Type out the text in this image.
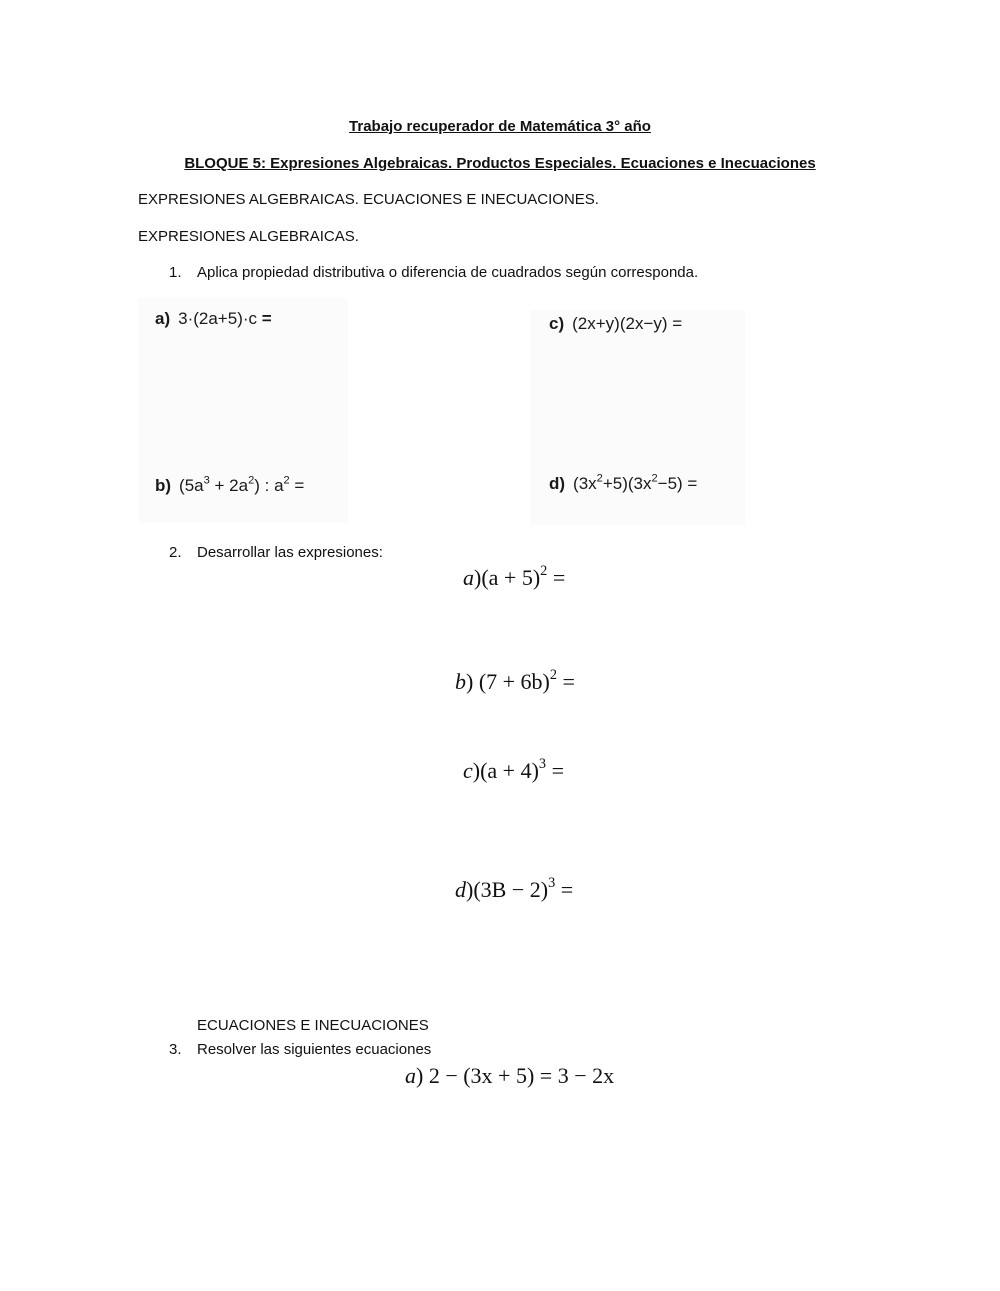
Trabajo recuperador de Matemática 3° año
BLOQUE 5: Expresiones Algebraicas. Productos Especiales. Ecuaciones e Inecuaciones
EXPRESIONES ALGEBRAICAS. ECUACIONES E INECUACIONES.
EXPRESIONES ALGEBRAICAS.
1. Aplica propiedad distributiva o diferencia de cuadrados según corresponda.
a) 3·(2a+5)·c =
b) $(5a^3 + 2a^2)$ : $a^2$ =
c) (2x+y)(2x−y) =
d) $(3x^2+5)(3x^2-5)$ =
2. Desarrollar las expresiones:
$a)(a + 5)^2$ =
b) $(7 + 6b)^2$ =
$c)(a + 4)^3$ =
$d)(3B - 2)^3$ =
ECUACIONES E INECUACIONES
3. Resolver las siguientes ecuaciones
a) 2 − (3x + 5) = 3 − 2x
